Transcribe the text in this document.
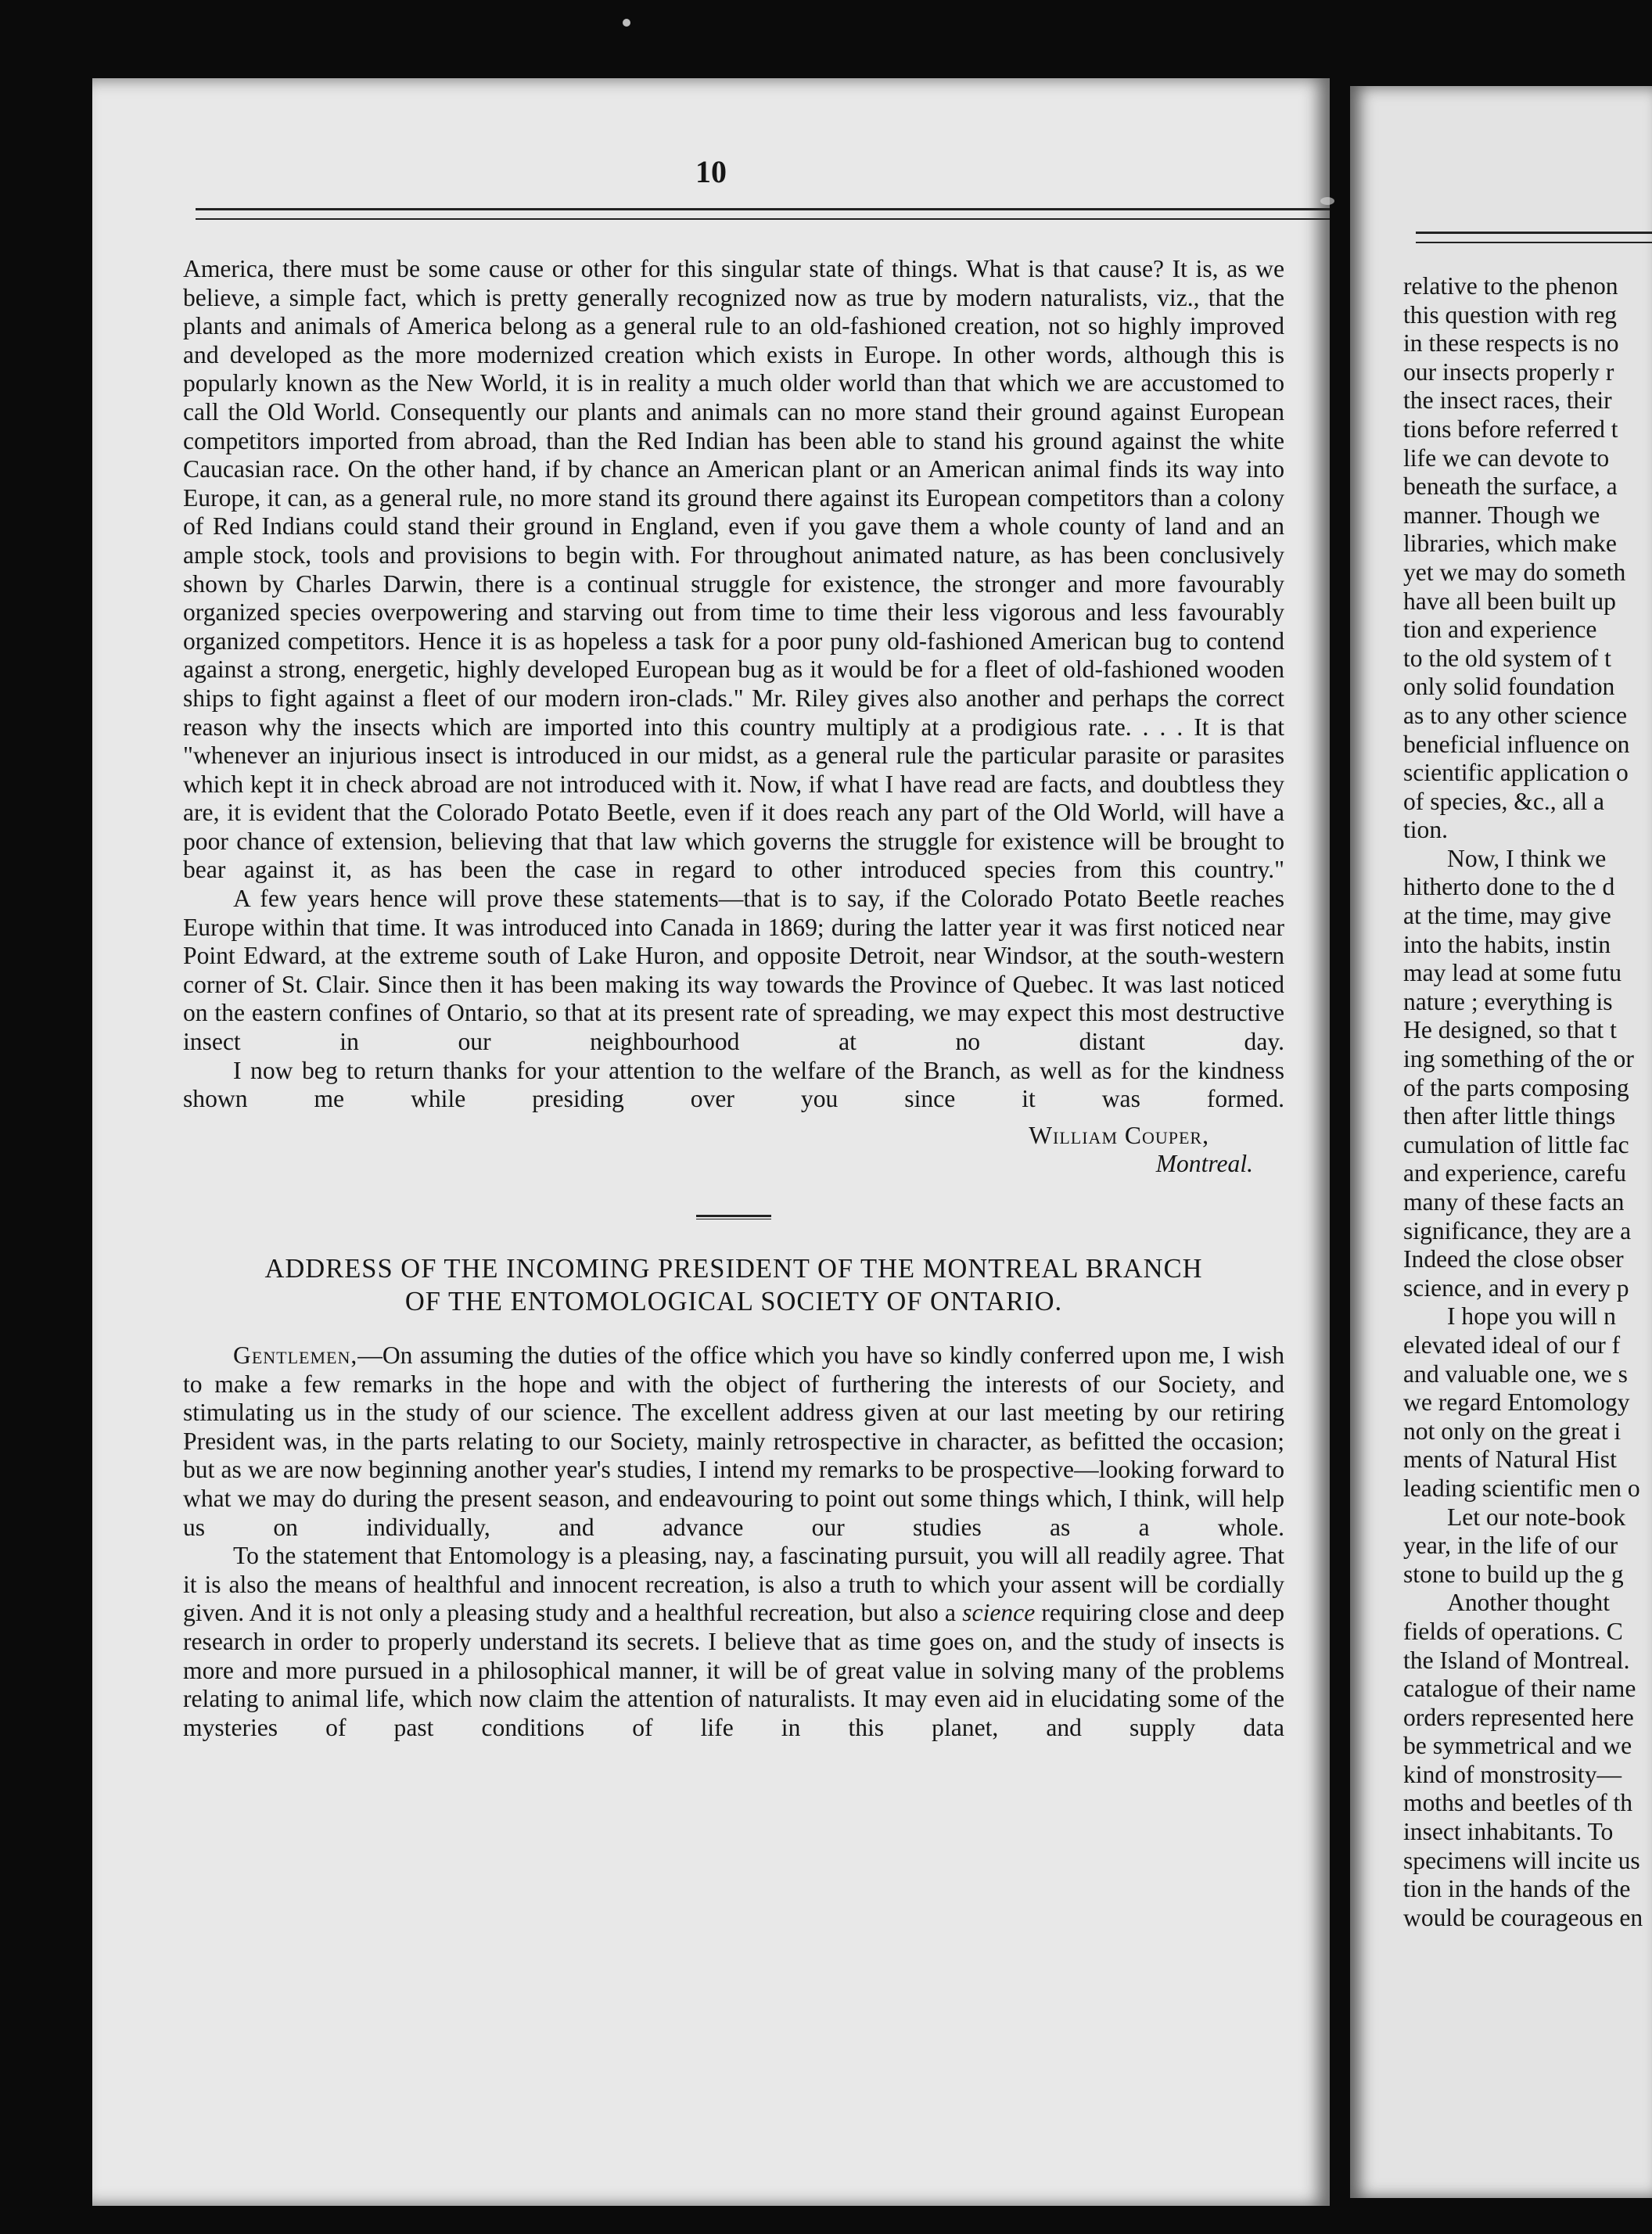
10

America, there must be some cause or other for this singular state of things. What is that cause? It is, as we believe, a simple fact, which is pretty generally recognized now as true by modern naturalists, viz., that the plants and animals of America belong as a general rule to an old-fashioned creation, not so highly improved and developed as the more modernized creation which exists in Europe. In other words, although this is popularly known as the New World, it is in reality a much older world than that which we are accustomed to call the Old World. Consequently our plants and animals can no more stand their ground against European competitors imported from abroad, than the Red Indian has been able to stand his ground against the white Caucasian race. On the other hand, if by chance an American plant or an American animal finds its way into Europe, it can, as a general rule, no more stand its ground there against its European competitors than a colony of Red Indians could stand their ground in England, even if you gave them a whole county of land and an ample stock, tools and provisions to begin with. For throughout animated nature, as has been conclusively shown by Charles Darwin, there is a continual struggle for existence, the stronger and more favourably organized species overpowering and starving out from time to time their less vigorous and less favourably organized competitors. Hence it is as hopeless a task for a poor puny old-fashioned American bug to contend against a strong, energetic, highly developed European bug as it would be for a fleet of old-fashioned wooden ships to fight against a fleet of our modern iron-clads." Mr. Riley gives also another and perhaps the correct reason why the insects which are imported into this country multiply at a prodigious rate. . . . It is that "whenever an injurious insect is introduced in our midst, as a general rule the particular parasite or parasites which kept it in check abroad are not introduced with it. Now, if what I have read are facts, and doubtless they are, it is evident that the Colorado Potato Beetle, even if it does reach any part of the Old World, will have a poor chance of extension, believing that that law which governs the struggle for existence will be brought to bear against it, as has been the case in regard to other introduced species from this country."

A few years hence will prove these statements—that is to say, if the Colorado Potato Beetle reaches Europe within that time. It was introduced into Canada in 1869; during the latter year it was first noticed near Point Edward, at the extreme south of Lake Huron, and opposite Detroit, near Windsor, at the south-western corner of St. Clair. Since then it has been making its way towards the Province of Quebec. It was last noticed on the eastern confines of Ontario, so that at its present rate of spreading, we may expect this most destructive insect in our neighbourhood at no distant day.

I now beg to return thanks for your attention to the welfare of the Branch, as well as for the kindness shown me while presiding over you since it was formed.

William Couper,
Montreal.
ADDRESS OF THE INCOMING PRESIDENT OF THE MONTREAL BRANCH
OF THE ENTOMOLOGICAL SOCIETY OF ONTARIO.

Gentlemen,—On assuming the duties of the office which you have so kindly conferred upon me, I wish to make a few remarks in the hope and with the object of furthering the interests of our Society, and stimulating us in the study of our science. The excellent address given at our last meeting by our retiring President was, in the parts relating to our Society, mainly retrospective in character, as befitted the occasion; but as we are now beginning another year's studies, I intend my remarks to be prospective—looking forward to what we may do during the present season, and endeavouring to point out some things which, I think, will help us on individually, and advance our studies as a whole.

To the statement that Entomology is a pleasing, nay, a fascinating pursuit, you will all readily agree. That it is also the means of healthful and innocent recreation, is also a truth to which your assent will be cordially given. And it is not only a pleasing study and a healthful recreation, but also a science requiring close and deep research in order to properly understand its secrets. I believe that as time goes on, and the study of insects is more and more pursued in a philosophical manner, it will be of great value in solving many of the problems relating to animal life, which now claim the attention of naturalists. It may even aid in elucidating some of the mysteries of past conditions of life in this planet, and supply data

relative to the phenon
this question with reg
in these respects is no
our insects properly r
the insect races, their
tions before referred t
life we can devote to
beneath the surface, a
manner. Though we
libraries, which make
yet we may do someth
have all been built up
tion and experience
to the old system of t
only solid foundation
as to any other science
beneficial influence on
scientific application o
of species, &c., all a
tion.
Now, I think we
hitherto done to the d
at the time, may give
into the habits, instin
may lead at some futu
nature ; everything is
He designed, so that t
ing something of the or
of the parts composing
then after little things
cumulation of little fac
and experience, carefu
many of these facts an
significance, they are a
Indeed the close obser
science, and in every p
I hope you will n
elevated ideal of our f
and valuable one, we s
we regard Entomology
not only on the great i
ments of Natural Hist
leading scientific men o
Let our note-book
year, in the life of our
stone to build up the g
Another thought
fields of operations. C
the Island of Montreal.
catalogue of their name
orders represented here
be symmetrical and we
kind of monstrosity—
moths and beetles of th
insect inhabitants. To
specimens will incite us
tion in the hands of the
would be courageous en
